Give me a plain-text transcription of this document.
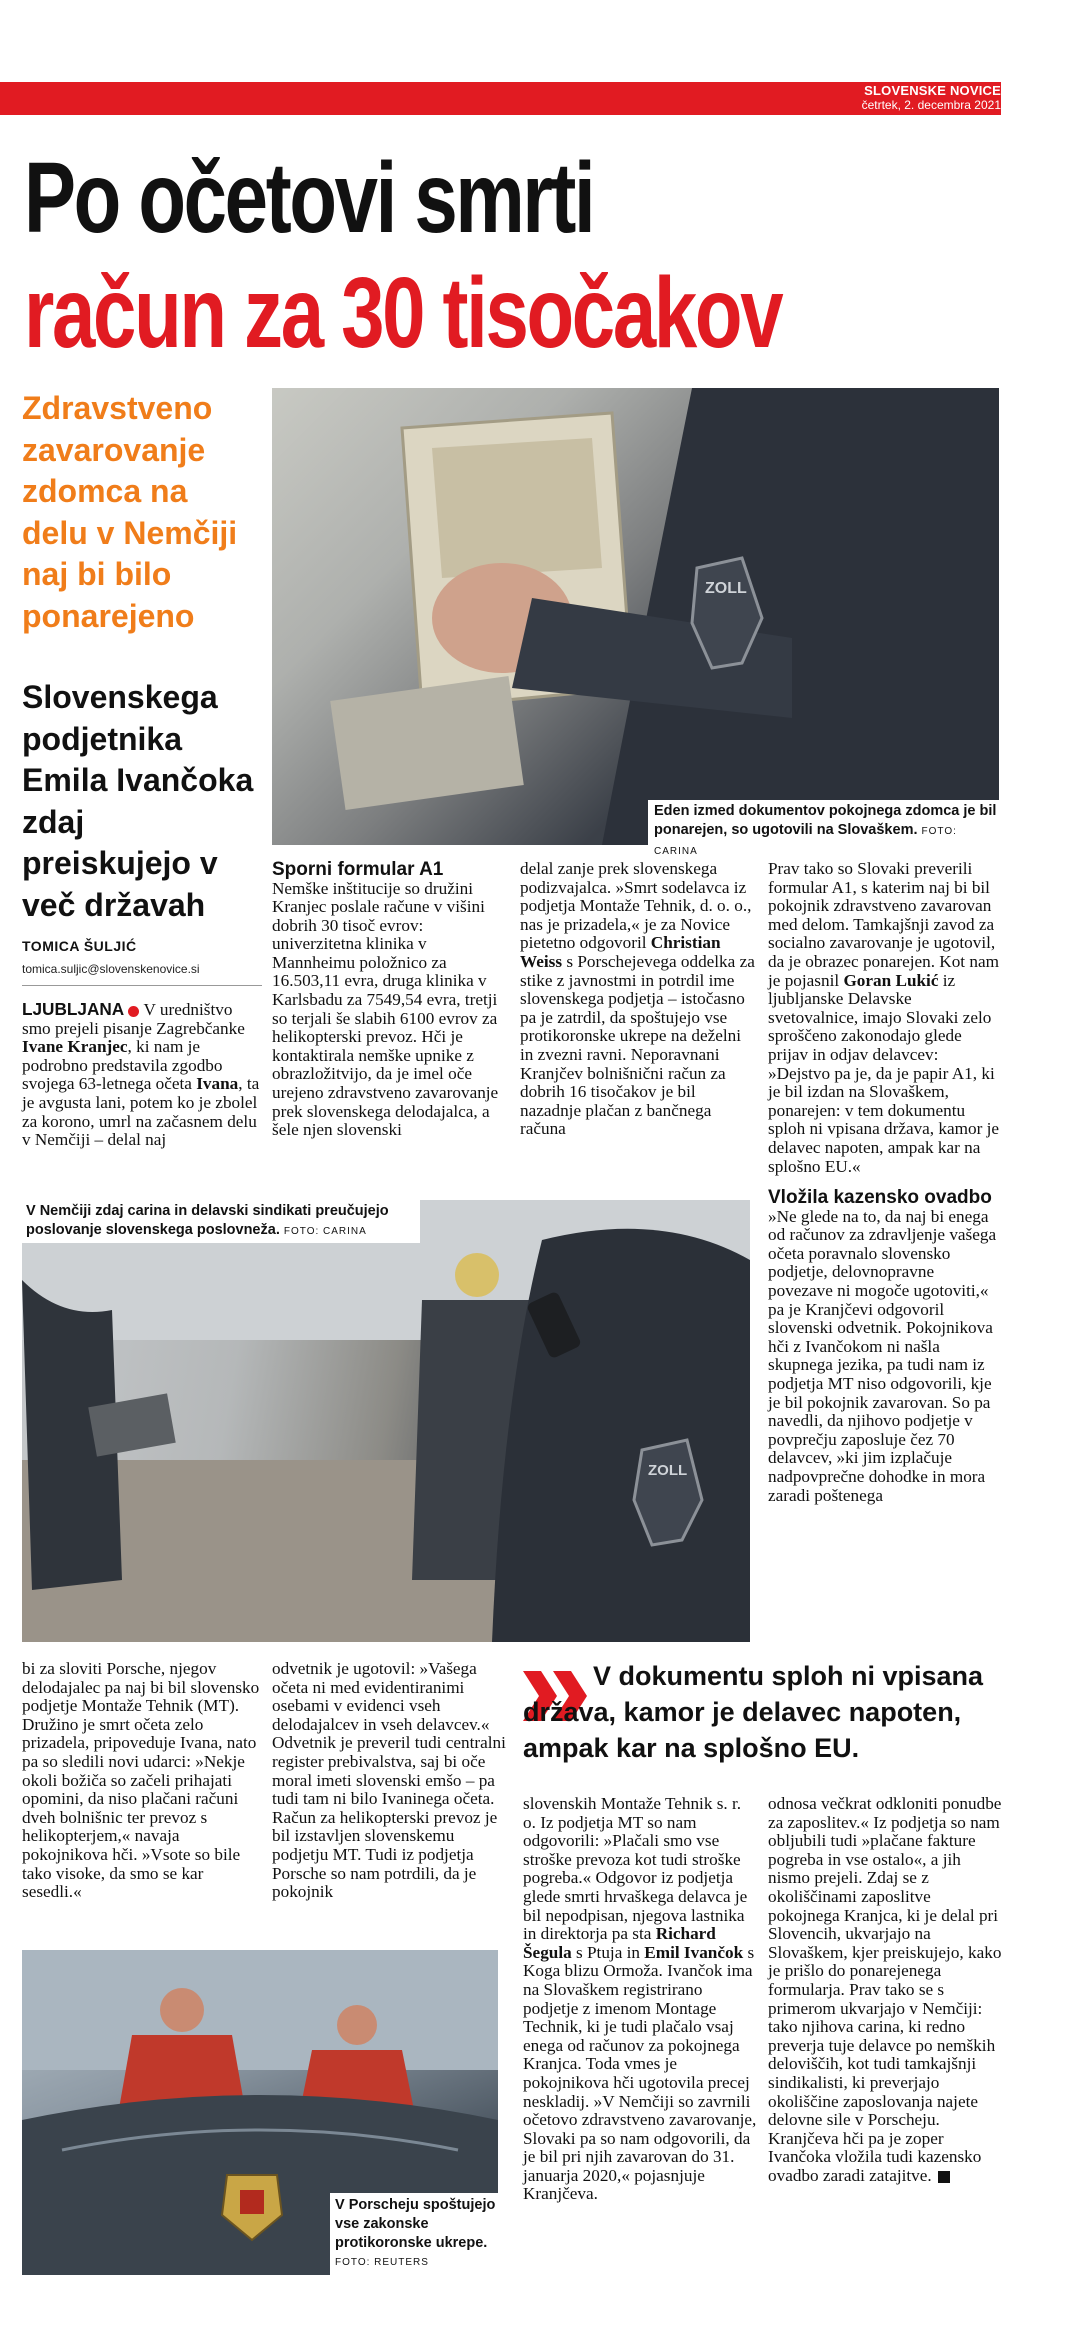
SLOVENSKE NOVICE
četrtek, 2. decembra 2021
Po očetovi smrti
račun za 30 tisočakov
Zdravstveno zavarovanje zdomca na delu v Nemčiji naj bi bilo ponarejeno
Slovenskega podjetnika Emila Ivančoka zdaj preiskujejo v več državah
TOMICA ŠULJIĆ
tomica.suljic@slovenskenovice.si
ZOLL
Eden izmed dokumentov pokojnega zdomca je bil ponarejen, so ugotovili na Slovaškem. FOTO: CARINA

LJUBLJANA V uredništvo smo prejeli pisanje Zagrebčanke Ivane Kranjec, ki nam je podrobno predstavila zgodbo svojega 63-letnega očeta Ivana, ta je avgusta lani, potem ko je zbolel za korono, umrl na začasnem delu v Nemčiji – delal naj

Sporni formular A1

Nemške inštitucije so družini Kranjec poslale račune v višini dobrih 30 tisoč evrov: univerzitetna klinika v Mannheimu položnico za 16.503,11 evra, druga klinika v Karlsbadu za 7549,54 evra, tretji so terjali še slabih 6100 evrov za helikopterski prevoz. Hči je kontaktirala nemške upnike z obrazložitvijo, da je imel oče urejeno zdravstveno zavarovanje prek slovenskega delodajalca, a šele njen slovenski

delal zanje prek slovenskega podizvajalca. »Smrt sodelavca iz podjetja Montaže Tehnik, d. o. o., nas je prizadela,« je za Novice pietetno odgovoril Christian Weiss s Porschejevega oddelka za stike z javnostmi in potrdil ime slovenskega podjetja – istočasno pa je zatrdil, da spoštujejo vse protikoronske ukrepe na deželni in zvezni ravni. Neporavnani Kranjčev bolnišnični račun za dobrih 16 tisočakov je bil nazadnje plačan z bančnega računa

Prav tako so Slovaki preverili formular A1, s katerim naj bi bil pokojnik zdravstveno zavarovan med delom. Tamkajšnji zavod za socialno zavarovanje je ugotovil, da je obrazec ponarejen. Kot nam je pojasnil Goran Lukić iz ljubljanske Delavske svetovalnice, imajo Slovaki zelo sproščeno zakonodajo glede prijav in odjav delavcev: »Dejstvo pa je, da je papir A1, ki je bil izdan na Slovaškem, ponarejen: v tem dokumentu sploh ni vpisana država, kamor je delavec napoten, ampak kar na splošno EU.«

Vložila kazensko ovadbo

»Ne glede na to, da naj bi enega od računov za zdravljenje vašega očeta poravnalo slovensko podjetje, delovnopravne povezave ni mogoče ugotoviti,« pa je Kranjčevi odgovoril slovenski odvetnik. Pokojnikova hči z Ivančokom ni našla skupnega jezika, pa tudi nam iz podjetja MT niso odgovorili, kje je bil pokojnik zavarovan. So pa navedli, da njihovo podjetje v povprečju zaposluje čez 70 delavcev, »ki jim izplačuje nadpovprečne dohodke in mora zaradi poštenega

ZOLL
V Nemčiji zdaj carina in delavski sindikati preučujejo poslovanje slovenskega poslovneža. FOTO: CARINA

bi za sloviti Porsche, njegov delodajalec pa naj bi bil slovensko podjetje Montaže Tehnik (MT). Družino je smrt očeta zelo prizadela, pripoveduje Ivana, nato pa so sledili novi udarci: »Nekje okoli božiča so začeli prihajati opomini, da niso plačani računi dveh bolnišnic ter prevoz s helikopterjem,« navaja pokojnikova hči. »Vsote so bile tako visoke, da smo se kar sesedli.«

odvetnik je ugotovil: »Vašega očeta ni med evidentiranimi osebami v evidenci vseh delodajalcev in vseh delavcev.« Odvetnik je preveril tudi centralni register prebivalstva, saj bi oče moral imeti slovenski emšo – pa tudi tam ni bilo Ivaninega očeta. Račun za helikopterski prevoz je bil izstavljen slovenskemu podjetju MT. Tudi iz podjetja Porsche so nam potrdili, da je pokojnik

V dokumentu sploh ni vpisana država, kamor je delavec napoten, ampak kar na splošno EU.
V Porscheju spoštujejo vse zakonske protikoronske ukrepe.
FOTO: REUTERS

slovenskih Montaže Tehnik s. r. o. Iz podjetja MT so nam odgovorili: »Plačali smo vse stroške prevoza kot tudi stroške pogreba.« Odgovor iz podjetja glede smrti hrvaškega delavca je bil nepodpisan, njegova lastnika in direktorja pa sta Richard Šegula s Ptuja in Emil Ivančok s Koga blizu Ormoža. Ivančok ima na Slovaškem registrirano podjetje z imenom Montage Technik, ki je tudi plačalo vsaj enega od računov za pokojnega Kranjca. Toda vmes je pokojnikova hči ugotovila precej neskladij. »V Nemčiji so zavrnili očetovo zdravstveno zavarovanje, Slovaki pa so nam odgovorili, da je bil pri njih zavarovan do 31. januarja 2020,« pojasnjuje Kranjčeva.

odnosa večkrat odkloniti ponudbe za zaposlitev.« Iz podjetja so nam obljubili tudi »plačane fakture pogreba in vse ostalo«, a jih nismo prejeli. Zdaj se z okoliščinami zaposlitve pokojnega Kranjca, ki je delal pri Slovencih, ukvarjajo na Slovaškem, kjer preiskujejo, kako je prišlo do ponarejenega formularja. Prav tako se s primerom ukvarjajo v Nemčiji: tako njihova carina, ki redno preverja tuje delavce po nemških deloviščih, kot tudi tamkajšnji sindikalisti, ki preverjajo okoliščine zaposlovanja najete delovne sile v Porscheju. Kranjčeva hči pa je zoper Ivančoka vložila tudi kazensko ovadbo zaradi zatajitve.
